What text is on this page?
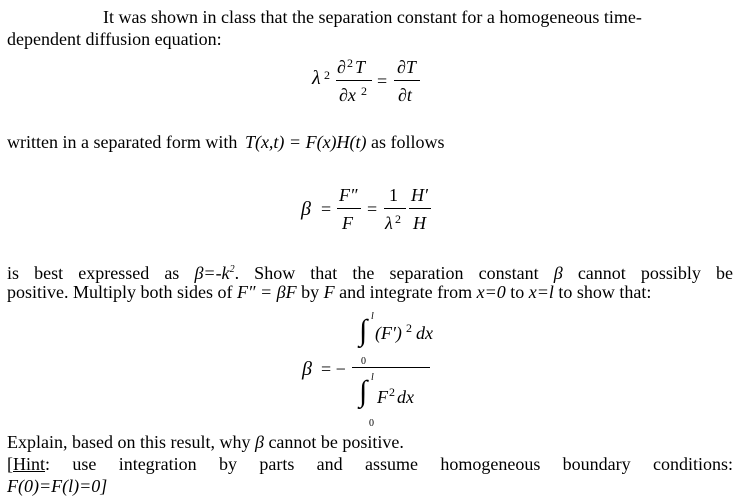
It was shown in class that the separation constant for a homogeneous time-
dependent diffusion equation:
λ 2 ∂ 2 T
∂x 2 =
∂T
∂t
written in a separated form with T(x,t) = F(x)H(t) as follows
β =
F″
F
=
1
λ 2
H′
H
is best expressed as $\beta=-k^2$. Show that the separation constant β cannot possibly be
positive. Multiply both sides of F″ = βF by F and integrate from x=0 to x=l to show that:
β = −
l
∫
0
(F′) 2 dx
l
∫
0
F 2 dx
Explain, based on this result, why β cannot be positive.
[Hint: use integration by parts and assume homogeneous boundary conditions:
F(0)=F(l)=0]
